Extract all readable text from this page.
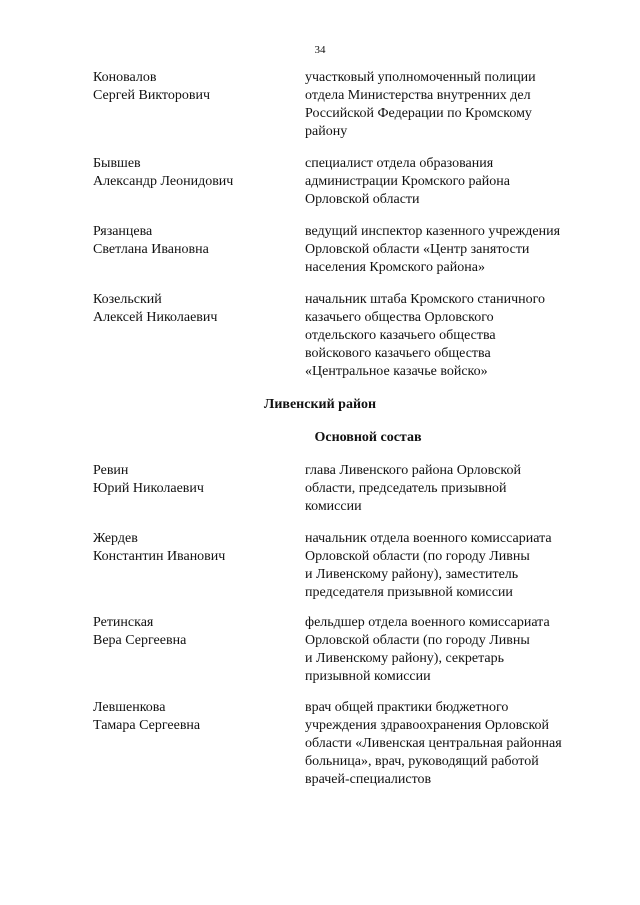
34
Коновалов
Сергей Викторович
участковый уполномоченный полиции
отдела Министерства внутренних дел
Российской Федерации по Кромскому
району
Бывшев
Александр Леонидович
специалист отдела образования
администрации Кромского района
Орловской области
Рязанцева
Светлана Ивановна
ведущий инспектор казенного учреждения
Орловской области «Центр занятости
населения Кромского района»
Козельский
Алексей Николаевич
начальник штаба Кромского станичного
казачьего общества Орловского
отдельского казачьего общества
войскового казачьего общества
«Центральное казачье войско»
Ливенский район
Основной состав
Ревин
Юрий Николаевич
глава Ливенского района Орловской
области, председатель призывной
комиссии
Жердев
Константин Иванович
начальник отдела военного комиссариата
Орловской области (по городу Ливны
и Ливенскому району), заместитель
председателя призывной комиссии
Ретинская
Вера Сергеевна
фельдшер отдела военного комиссариата
Орловской области (по городу Ливны
и Ливенскому району), секретарь
призывной комиссии
Левшенкова
Тамара Сергеевна
врач общей практики бюджетного
учреждения здравоохранения Орловской
области «Ливенская центральная районная
больница», врач, руководящий работой
врачей-специалистов
